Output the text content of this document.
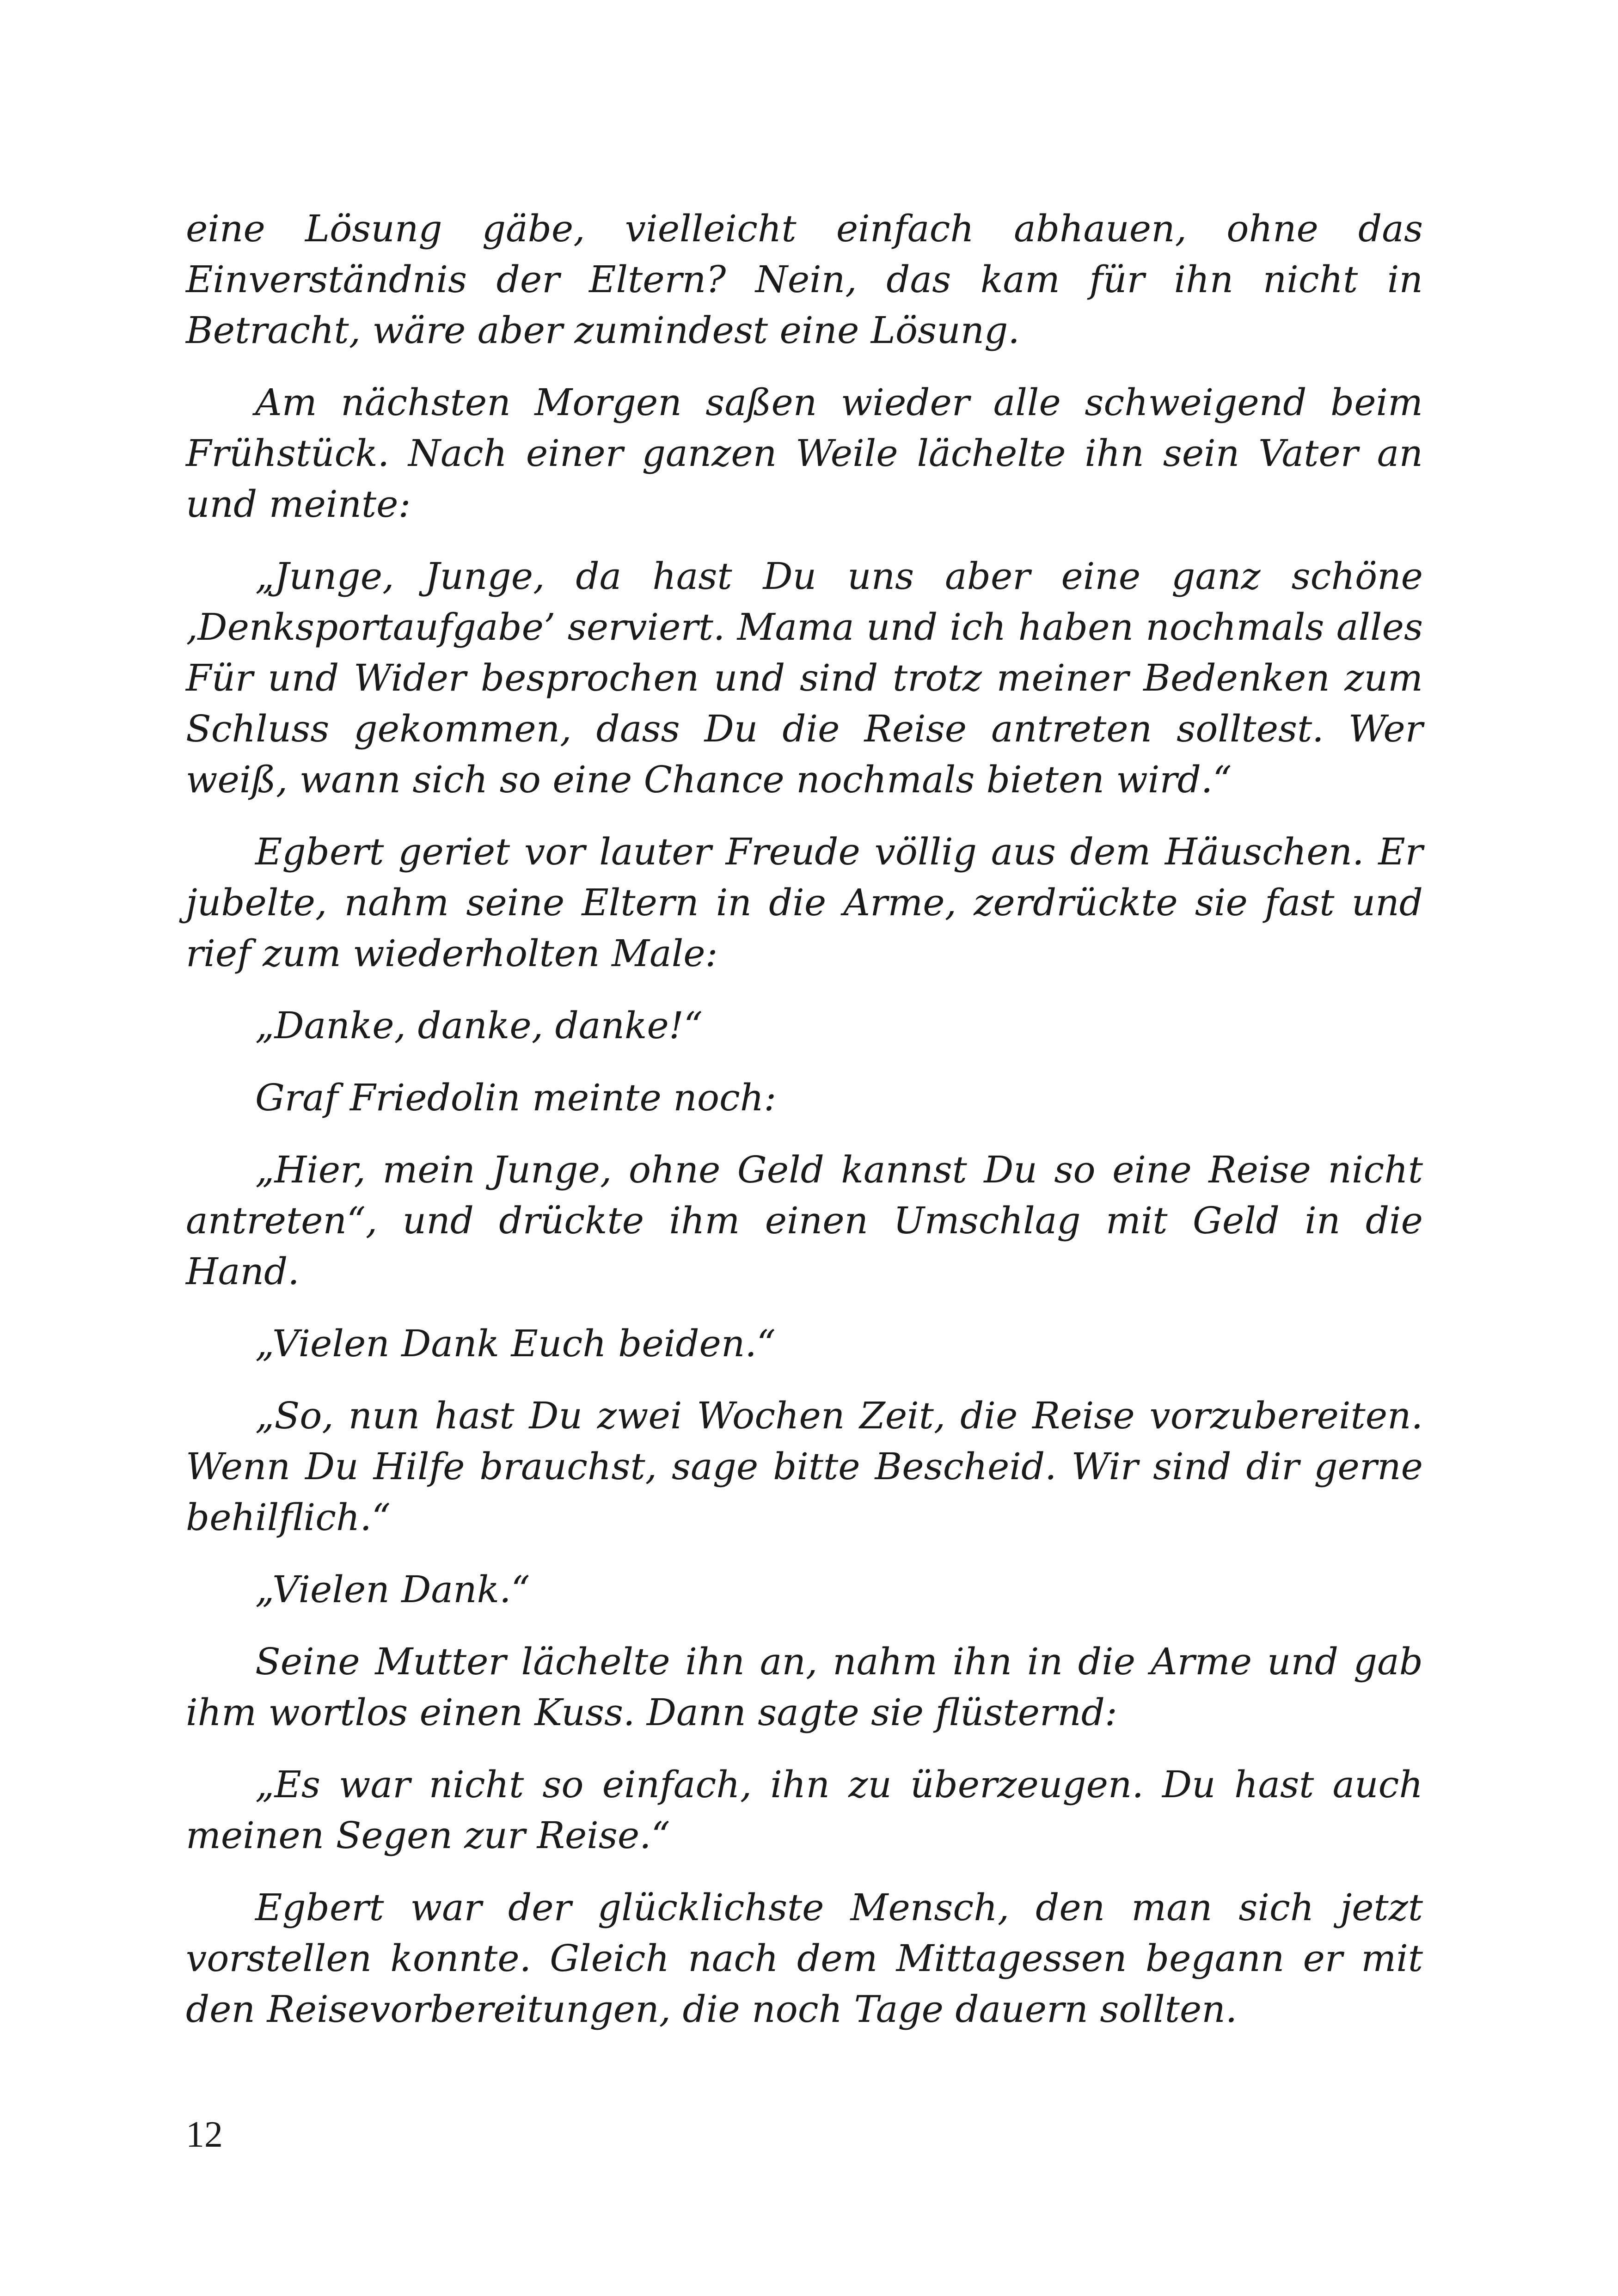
eine Lösung gäbe, vielleicht einfach abhauen, ohne das Einverständnis der Eltern? Nein, das kam für ihn nicht in Betracht, wäre aber zumindest eine Lösung.

Am nächsten Morgen saßen wieder alle schweigend beim Frühstück. Nach einer ganzen Weile lächelte ihn sein Vater an und meinte:

„Junge, Junge, da hast Du uns aber eine ganz schöne ‚Denksportaufgabe’ serviert. Mama und ich haben nochmals alles Für und Wider besprochen und sind trotz meiner Bedenken zum Schluss gekommen, dass Du die Reise antreten solltest. Wer weiß, wann sich so eine Chance nochmals bieten wird.“

Egbert geriet vor lauter Freude völlig aus dem Häuschen. Er jubelte, nahm seine Eltern in die Arme, zerdrückte sie fast und rief zum wiederholten Male:

„Danke, danke, danke!“

Graf Friedolin meinte noch:

„Hier, mein Junge, ohne Geld kannst Du so eine Reise nicht antreten“, und drückte ihm einen Umschlag mit Geld in die Hand.

„Vielen Dank Euch beiden.“

„So, nun hast Du zwei Wochen Zeit, die Reise vorzubereiten. Wenn Du Hilfe brauchst, sage bitte Bescheid. Wir sind dir gerne behilflich.“

„Vielen Dank.“

Seine Mutter lächelte ihn an, nahm ihn in die Arme und gab ihm wortlos einen Kuss. Dann sagte sie flüsternd:

„Es war nicht so einfach, ihn zu überzeugen. Du hast auch meinen Segen zur Reise.“

Egbert war der glücklichste Mensch, den man sich jetzt vorstellen konnte. Gleich nach dem Mittagessen begann er mit den Reisevorbereitungen, die noch Tage dauern sollten.

12
